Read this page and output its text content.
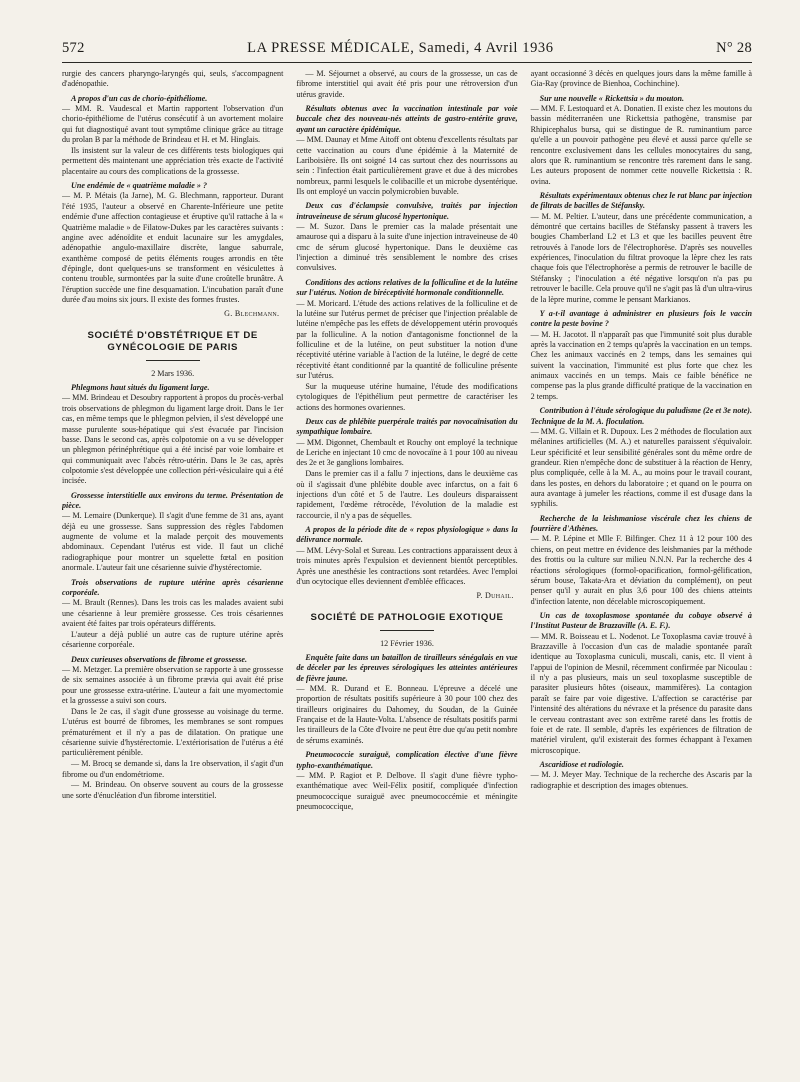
572	LA PRESSE MÉDICALE, Samedi, 4 Avril 1936	N° 28

rurgie des cancers pharyngo-laryngés qui, seuls, s'accompagnent d'adénopathie.

A propos d'un cas de chorio-épithéliome.

— MM. R. Vaudescal et Martin rapportent l'observation d'un chorio-épithéliome de l'utérus consécutif à un avortement molaire qui fut diagnostiqué avant tout symptôme clinique grâce au titrage du prolan B par la méthode de Brindeau et H. et M. Hinglais.

Ils insistent sur la valeur de ces différents tests biologiques qui permettent dès maintenant une appréciation très exacte de l'activité placentaire au cours des complications de la grossesse.

Une endémie de « quatrième maladie » ?

— M. P. Métais (la Jarne), M. G. Blechmann, rapporteur. Durant l'été 1935, l'auteur a observé en Charente-Inférieure une petite endémie d'une affection contagieuse et éruptive qu'il rattache à la « Quatrième maladie » de Filatow-Dukes par les caractères suivants : angine avec adénoïdite et enduit lacunaire sur les amygdales, adénopathie angulo-maxillaire discrète, langue saburrale, exanthème composé de petits éléments rouges arrondis en tête d'épingle, dont quelques-uns se transforment en vésiculettes à contenu trouble, surmontées par la suite d'une croûtelle brunâtre. A l'éruption succède une fine desquamation. L'incubation paraît d'une durée d'au moins six jours. Il existe des formes frustes.

G. Blechmann.
SOCIÉTÉ D'OBSTÉTRIQUE ET DE GYNÉCOLOGIE DE PARIS
2 Mars 1936.
Phlegmons haut situés du ligament large.

— MM. Brindeau et Desoubry rapportent à propos du procès-verbal trois observations de phlegmon du ligament large droit. Dans le 1er cas, en même temps que le phlegmon pelvien, il s'est développé une masse purulente sous-hépatique qui s'est évacuée par l'incision basse. Dans le second cas, après colpotomie on a vu se développer un phlegmon périnéphrétique qui a été incisé par voie lombaire et qui communiquait avec l'abcès rétro-utérin. Dans le 3e cas, après colpotomie s'est développée une collection péri-vésiculaire qui a été incisée.

Grossesse interstitielle aux environs du terme. Présentation de pièce.

— M. Lemaire (Dunkerque). Il s'agit d'une femme de 31 ans, ayant déjà eu une grossesse. Sans suppression des règles l'abdomen augmente de volume et la malade perçoit des mouvements abdominaux. Cependant l'utérus est vide. Il faut un cliché radiographique pour montrer un squelette fœtal en position anormale. L'auteur fait une césarienne suivie d'hystérectomie.

Trois observations de rupture utérine après césarienne corporéale.

— M. Brault (Rennes). Dans les trois cas les malades avaient subi une césarienne à leur première grossesse. Ces trois césariennes avaient été faites par trois opérateurs différents.

L'auteur a déjà publié un autre cas de rupture utérine après césarienne corporéale.

Deux curieuses observations de fibrome et grossesse.

— M. Metzger. La première observation se rapporte à une grossesse de six semaines associée à un fibrome prævia qui avait été prise pour une grossesse extra-utérine. L'auteur a fait une myomectomie et la grossesse a suivi son cours.

Dans le 2e cas, il s'agit d'une grossesse au voisinage du terme. L'utérus est bourré de fibromes, les membranes se sont rompues prématurément et il n'y a pas de dilatation. On pratique une césarienne suivie d'hystérectomie. L'extériorisation de l'utérus a été particulièrement pénible.

— M. Brocq se demande si, dans la 1re observation, il s'agit d'un fibrome ou d'un endométriome.

— M. Brindeau. On observe souvent au cours de la grossesse une sorte d'énucléation d'un fibrome interstitiel.

— M. Séjournet a observé, au cours de la grossesse, un cas de fibrome interstitiel qui avait été pris pour une rétroversion d'un utérus gravide.

Résultats obtenus avec la vaccination intestinale par voie buccale chez des nouveau-nés atteints de gastro-entérite grave, ayant un caractère épidémique.

— MM. Daunay et Mme Aitoff ont obtenu d'excellents résultats par cette vaccination au cours d'une épidémie à la Maternité de Lariboisière. Ils ont soigné 14 cas surtout chez des nourrissons au sein : l'infection était particulièrement grave et due à des microbes nombreux, parmi lesquels le colibacille et un microbe dysentérique. Ils ont employé un vaccin polymicrobien buvable.

Deux cas d'éclampsie convulsive, traités par injection intraveineuse de sérum glucosé hypertonique.

— M. Suzor. Dans le premier cas la malade présentait une amaurose qui a disparu à la suite d'une injection intraveineuse de 40 cmc de sérum glucosé hypertonique. Dans le deuxième cas l'injection a diminué très sensiblement le nombre des crises convulsives.

Conditions des actions relatives de la folliculine et de la lutéine sur l'utérus. Notion de biréceptivité hormonale conditionnelle.

— M. Moricard. L'étude des actions relatives de la folliculine et de la lutéine sur l'utérus permet de préciser que l'injection préalable de lutéine n'empêche pas les effets de développement utérin provoqués par la folliculine. A la notion d'antagonisme fonctionnel de la folliculine et de la lutéine, on peut substituer la notion d'une réceptivité utérine variable à l'action de la lutéine, le degré de cette réceptivité étant conditionné par la quantité de folliculine présente sur l'utérus.

Sur la muqueuse utérine humaine, l'étude des modifications cytologiques de l'épithélium peut permettre de caractériser les actions des hormones ovariennes.

Deux cas de phlébite puerpérale traités par novocaïnisation du sympathique lombaire.

— MM. Digonnet, Chembault et Rouchy ont employé la technique de Leriche en injectant 10 cmc de novocaïne à 1 pour 100 au niveau des 2e et 3e ganglions lombaires.

Dans le premier cas il a fallu 7 injections, dans le deuxième cas où il s'agissait d'une phlébite double avec infarctus, on a fait 6 injections d'un côté et 5 de l'autre. Les douleurs disparaissent rapidement, l'œdème rétrocède, l'évolution de la maladie est raccourcie, il n'y a pas de séquelles.

A propos de la période dite de « repos physiologique » dans la délivrance normale.

— MM. Lévy-Solal et Sureau. Les contractions apparaissent deux à trois minutes après l'expulsion et deviennent bientôt perceptibles. Après une anesthésie les contractions sont retardées. Avec l'emploi d'un ocytocique elles deviennent d'emblée efficaces.

P. Duhail.
SOCIÉTÉ DE PATHOLOGIE EXOTIQUE
12 Février 1936.
Enquête faite dans un bataillon de tirailleurs sénégalais en vue de déceler par les épreuves sérologiques les atteintes antérieures de fièvre jaune.

— MM. R. Durand et E. Bonneau. L'épreuve a décelé une proportion de résultats positifs supérieure à 30 pour 100 chez des tirailleurs originaires du Dahomey, du Soudan, de la Guinée Française et de la Haute-Volta. L'absence de résultats positifs parmi les tirailleurs de la Côte d'Ivoire ne peut être due qu'au petit nombre de sérums examinés.

Pneumococcie suraiguë, complication élective d'une fièvre typho-exanthématique.

— MM. P. Ragiot et P. Delbove. Il s'agit d'une fièvre typho-exanthématique avec Weil-Félix positif, compliquée d'infection pneumococcique suraiguë avec pneumococcémie et méningite pneumococcique,

ayant occasionné 3 décès en quelques jours dans la même famille à Gia-Ray (province de Bienhoa, Cochinchine).

Sur une nouvelle « Rickettsia » du mouton.

— MM. F. Lestoquard et A. Donatien. Il existe chez les moutons du bassin méditerranéen une Rickettsia pathogène, transmise par Rhipicephalus bursa, qui se distingue de R. ruminantium parce qu'elle a un pouvoir pathogène peu élevé et aussi parce qu'elle se rencontre exclusivement dans les cellules monocytaires du sang, alors que R. ruminantium se rencontre très rarement dans le sang. Les auteurs proposent de nommer cette nouvelle Rickettsia : R. ovina.

Résultats expérimentaux obtenus chez le rat blanc par injection de filtrats de bacilles de Stéfansky.

— M. M. Peltier. L'auteur, dans une précédente communication, a démontré que certains bacilles de Stéfansky passent à travers les bougies Chamberland L2 et L3 et que les bacilles peuvent être retrouvés à l'anode lors de l'électrophorèse. D'après ses nouvelles expériences, l'inoculation du filtrat provoque la lèpre chez les rats chaque fois que l'électrophorèse a permis de retrouver le bacille de Stéfansky ; l'inoculation a été négative lorsqu'on n'a pas pu retrouver le bacille. Cela prouve qu'il ne s'agit pas là d'un ultra-virus de la lèpre murine, comme le pensant Markianos.

Y a-t-il avantage à administrer en plusieurs fois le vaccin contre la peste bovine ?

— M. H. Jacotot. Il n'apparaît pas que l'immunité soit plus durable après la vaccination en 2 temps qu'après la vaccination en un temps. Chez les animaux vaccinés en 2 temps, dans les semaines qui suivent la vaccination, l'immunité est plus forte que chez les animaux vaccinés en un temps. Mais ce faible bénéfice ne compense pas la plus grande difficulté pratique de la vaccination en 2 temps.

Contribution à l'étude sérologique du paludisme (2e et 3e note). Technique de la M. A. floculation.

— MM. G. Villain et R. Dupoux. Les 2 méthodes de floculation aux mélanines artificielles (M. A.) et naturelles paraissent s'équivaloir. Leur spécificité et leur sensibilité générales sont du même ordre de grandeur. Rien n'empêche donc de substituer à la réaction de Henry, plus compliquée, celle à la M. A., au moins pour le travail courant, dans les postes, en dehors du laboratoire ; et quand on le pourra on aura avantage à jumeler les réactions, comme il est d'usage dans la syphilis.

Recherche de la leishmaniose viscérale chez les chiens de fourrière d'Athènes.

— M. P. Lépine et Mlle F. Bilfinger. Chez 11 à 12 pour 100 des chiens, on peut mettre en évidence des leishmanies par la méthode des frottis ou la culture sur milieu N.N.N. Par la recherche des 4 réactions sérologiques (formol-opacification, formol-gélification, sérum bouse, Takata-Ara et déviation du complément), on peut penser qu'il y aurait en plus 3,6 pour 100 des chiens atteints d'infection latente, non décelable microscopiquement.

Un cas de toxoplasmose spontanée du cobaye observé à l'Institut Pasteur de Brazzaville (A. E. F.).

— MM. R. Boisseau et L. Nodenot. Le Toxoplasma caviæ trouvé à Brazzaville à l'occasion d'un cas de maladie spontanée paraît identique au Toxoplasma cuniculi, muscali, canis, etc. Il vient à l'appui de l'opinion de Mesnil, récemment confirmée par Nicoulau : il n'y a pas plusieurs, mais un seul toxoplasme susceptible de parasiter plusieurs hôtes (oiseaux, mammifères). La contagion paraît se faire par voie digestive. L'affection se caractérise par l'intensité des altérations du névraxe et la présence du parasite dans le cerveau contrastant avec son extrême rareté dans les frottis de foie et de rate. Il semble, d'après les expériences de filtration de matériel virulent, qu'il existerait des formes échappant à l'examen microscopique.

Ascaridiose et radiologie.

— M. J. Meyer May. Technique de la recherche des Ascaris par la radiographie et description des images obtenues.
